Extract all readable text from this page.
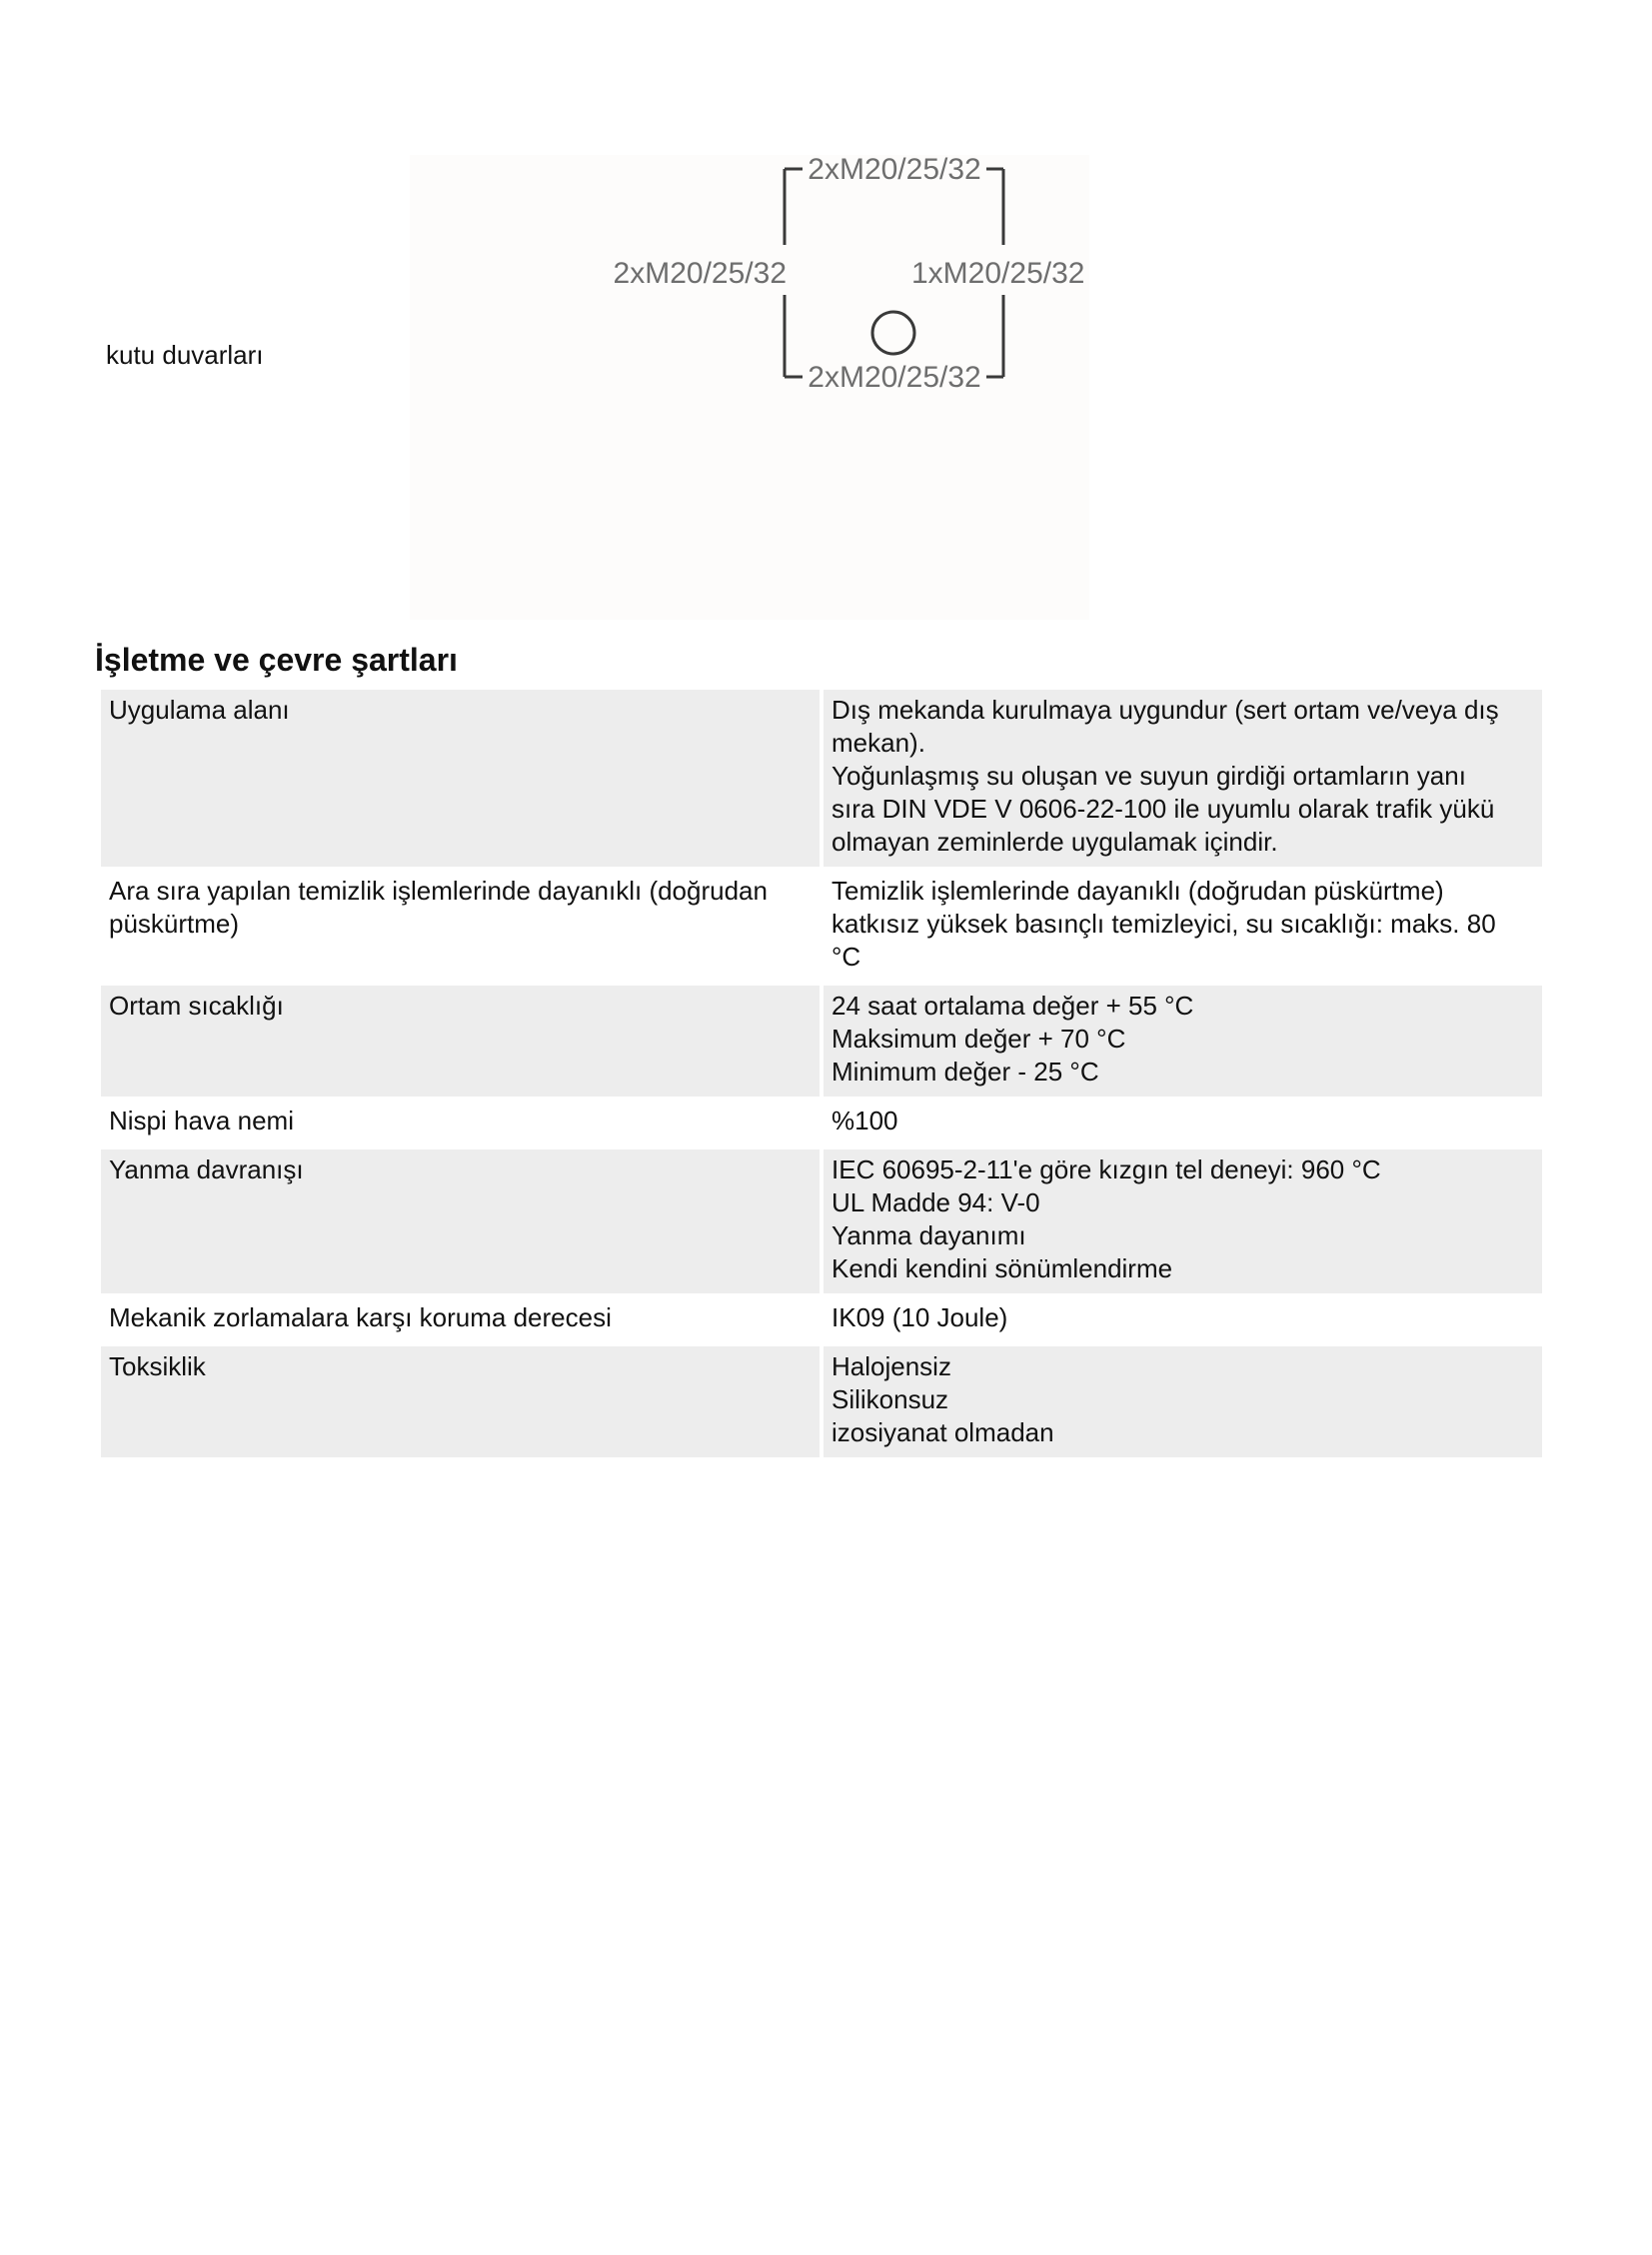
kutu duvarları
2xM20/25/32
2xM20/25/32	1xM20/25/32
2xM20/25/32
İşletme ve çevre şartları
Uygulama alanı	Dış mekanda kurulmaya uygundur (sert ortam ve/veya dış
mekan).
Yoğunlaşmış su oluşan ve suyun girdiği ortamların yanı
sıra DIN VDE V 0606-22-100 ile uyumlu olarak trafik yükü
olmayan zeminlerde uygulamak içindir.

Ara sıra yapılan temizlik işlemlerinde dayanıklı (doğrudan püskürtme)	Temizlik işlemlerinde dayanıklı (doğrudan püskürtme)
katkısız yüksek basınçlı temizleyici, su sıcaklığı: maks. 80
°C

Ortam sıcaklığı	24 saat ortalama değer + 55 °C
Maksimum değer + 70 °C
Minimum değer - 25 °C

Nispi hava nemi	%100

Yanma davranışı	IEC 60695-2-11'e göre kızgın tel deneyi: 960 °C
UL Madde 94: V-0
Yanma dayanımı
Kendi kendini sönümlendirme

Mekanik zorlamalara karşı koruma derecesi	IK09 (10 Joule)

Toksiklik	Halojensiz
Silikonsuz
izosiyanat olmadan
